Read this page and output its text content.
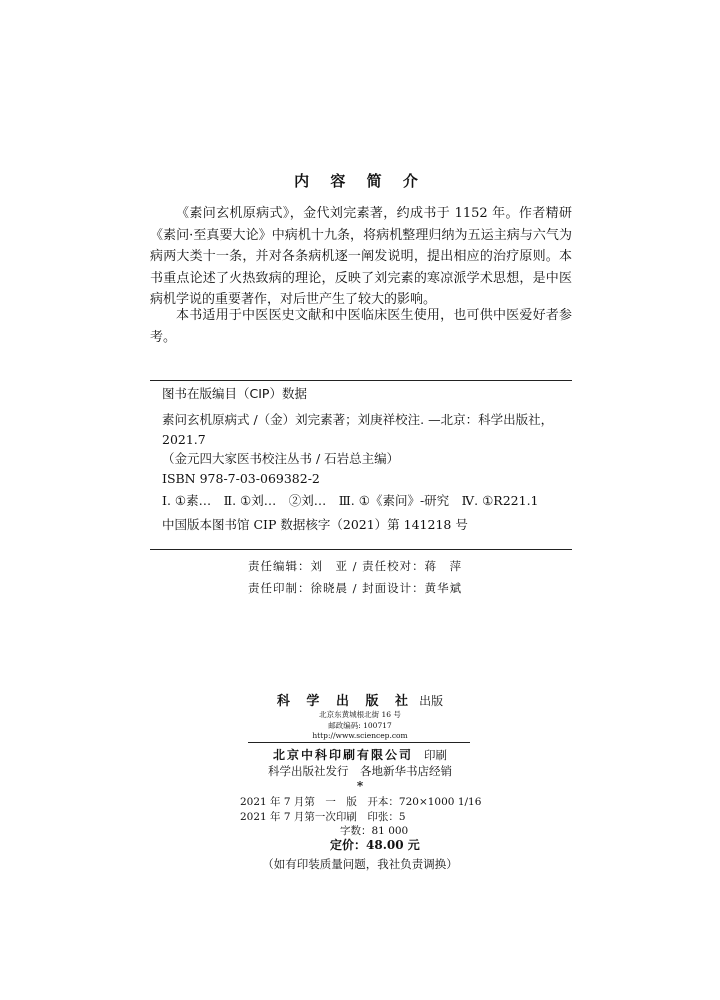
内 容 简 介
《素问玄机原病式》，金代刘完素著，约成书于 1152 年。作者精研《素问·至真要大论》中病机十九条，将病机整理归纳为五运主病与六气为病两大类十一条，并对各条病机逐一阐发说明，提出相应的治疗原则。本书重点论述了火热致病的理论，反映了刘完素的寒凉派学术思想，是中医病机学说的重要著作，对后世产生了较大的影响。
本书适用于中医医史文献和中医临床医生使用，也可供中医爱好者参考。
图书在版编目（CIP）数据
素问玄机原病式 /（金）刘完素著；刘庚祥校注. —北京：科学出版社，
2021.7
（金元四大家医书校注丛书 / 石岩总主编）
ISBN 978-7-03-069382-2
Ⅰ. ①素…　Ⅱ. ①刘…　②刘…　Ⅲ. ①《素问》-研究　Ⅳ. ①R221.1
中国版本图书馆 CIP 数据核字（2021）第 141218 号
责任编辑：刘　亚 / 责任校对：蒋　萍
责任印制：徐晓晨 / 封面设计：黄华斌
科 学 出 版 社 出版
北京东黄城根北街 16 号
邮政编码: 100717
http://www.sciencep.com
北京中科印刷有限公司 印刷
科学出版社发行　各地新华书店经销
*
2021 年 7 月第　一　版　开本：720×1000 1/16
2021 年 7 月第一次印刷　印张：5
字数：81 000
定价：48.00 元
（如有印装质量问题，我社负责调换）
